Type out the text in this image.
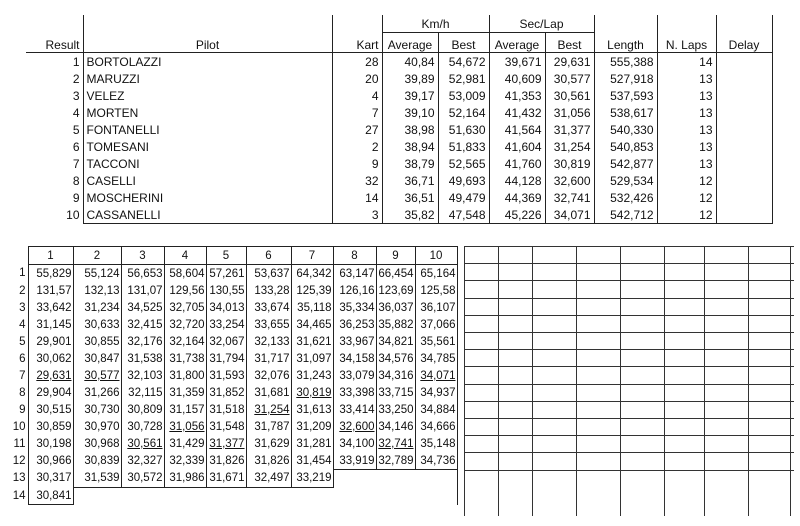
			Km/h		Sec/Lap				
Result	Pilot	Kart	Average	Best	Average	Best	Length	N. Laps	Delay
1	BORTOLAZZI	28	40,84	54,672	39,671	29,631	555,388	14	
2	MARUZZI	20	39,89	52,981	40,609	30,577	527,918	13	
3	VELEZ	4	39,17	53,009	41,353	30,561	537,593	13	
4	MORTEN	7	39,10	52,164	41,432	31,056	538,617	13	
5	FONTANELLI	27	38,98	51,630	41,564	31,377	540,330	13	
6	TOMESANI	2	38,94	51,833	41,604	31,254	540,853	13	
7	TACCONI	9	38,79	52,565	41,760	30,819	542,877	13	
8	CASELLI	32	36,71	49,693	44,128	32,600	529,534	12	
9	MOSCHERINI	14	36,51	49,479	44,369	32,741	532,426	12	
10	CASSANELLI	3	35,82	47,548	45,226	34,071	542,712	12	
	1	2	3	4	5	6	7	8	9	10
1	55,829	55,124	56,653	58,604	57,261	53,637	64,342	63,147	66,454	65,164
2	131,57	132,13	131,07	129,56	130,55	133,28	125,39	126,16	123,69	125,58
3	33,642	31,234	34,525	32,705	34,013	33,674	35,118	35,334	36,037	36,107
4	31,145	30,633	32,415	32,720	33,254	33,655	34,465	36,253	35,882	37,066
5	29,901	30,855	32,176	32,164	32,067	32,133	31,621	33,967	34,821	35,561
6	30,062	30,847	31,538	31,738	31,794	31,717	31,097	34,158	34,576	34,785
7	29,631	30,577	32,103	31,800	31,593	32,076	31,243	33,079	34,316	34,071
8	29,904	31,266	32,115	31,359	31,852	31,681	30,819	33,398	33,715	34,937
9	30,515	30,730	30,809	31,157	31,518	31,254	31,613	33,414	33,250	34,884
10	30,859	30,970	30,728	31,056	31,548	31,787	31,209	32,600	34,146	34,666
11	30,198	30,968	30,561	31,429	31,377	31,629	31,281	34,100	32,741	35,148
12	30,966	30,839	32,327	32,339	31,826	31,826	31,454	33,919	32,789	34,736
13	30,317	31,539	30,572	31,986	31,671	32,497	33,219			
14	30,841									
